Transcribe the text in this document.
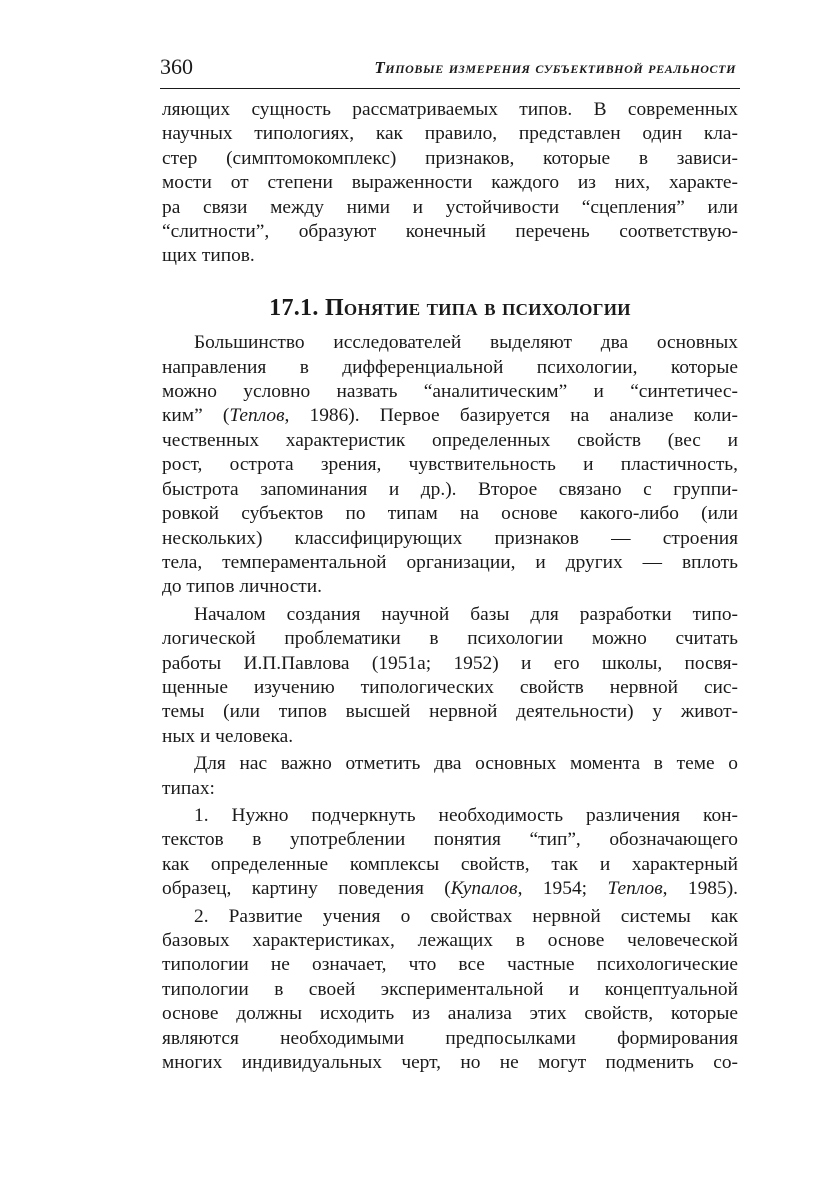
360	Типовые измерения субъективной реальности

ляющих сущность рассматриваемых типов. В современных
научных типологиях, как правило, представлен один кла-
стер (симптомокомплекс) признаков, которые в зависи-
мости от степени выраженности каждого из них, характе-
ра связи между ними и устойчивости “сцепления” или
“слитности”, образуют конечный перечень соответствую-
щих типов.

17.1. Понятие типа в психологии

Большинство исследователей выделяют два основных
направления в дифференциальной психологии, которые
можно условно назвать “аналитическим” и “синтетичес-
ким” (Теплов, 1986). Первое базируется на анализе коли-
чественных характеристик определенных свойств (вес и
рост, острота зрения, чувствительность и пластичность,
быстрота запоминания и др.). Второе связано с группи-
ровкой субъектов по типам на основе какого-либо (или
нескольких) классифицирующих признаков — строения
тела, темпераментальной организации, и других — вплоть
до типов личности.

Началом создания научной базы для разработки типо-
логической проблематики в психологии можно считать
работы И.П.Павлова (1951а; 1952) и его школы, посвя-
щенные изучению типологических свойств нервной сис-
темы (или типов высшей нервной деятельности) у живот-
ных и человека.

Для нас важно отметить два основных момента в теме о
типах:

1. Нужно подчеркнуть необходимость различения кон-
текстов в употреблении понятия “тип”, обозначающего
как определенные комплексы свойств, так и характерный
образец, картину поведения (Купалов, 1954; Теплов, 1985).

2. Развитие учения о свойствах нервной системы как
базовых характеристиках, лежащих в основе человеческой
типологии не означает, что все частные психологические
типологии в своей экспериментальной и концептуальной
основе должны исходить из анализа этих свойств, которые
являются необходимыми предпосылками формирования
многих индивидуальных черт, но не могут подменить со-
